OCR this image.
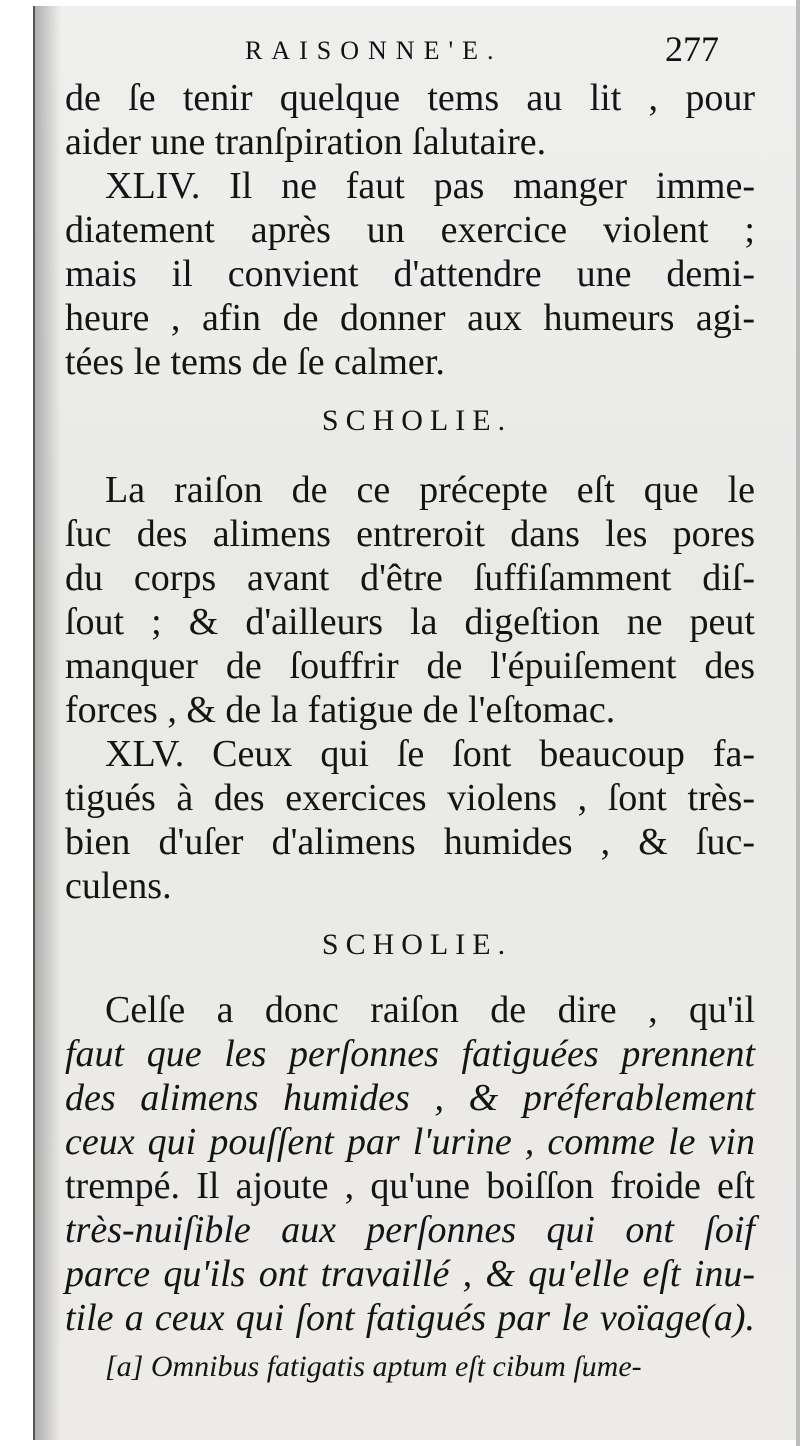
RAISONNE'E.	277
de ſe tenir quelque tems au lit , pour
aider une tranſpiration ſalutaire.
XLIV. Il ne faut pas manger imme-
diatement après un exercice violent ;
mais il convient d'attendre une demi-
heure , afin de donner aux humeurs agi-
tées le tems de ſe calmer.
SCHOLIE.
La raiſon de ce précepte eſt que le
ſuc des alimens entreroit dans les pores
du corps avant d'être ſuffiſamment diſ-
ſout ; & d'ailleurs la digeſtion ne peut
manquer de ſouffrir de l'épuiſement des
forces , & de la fatigue de l'eſtomac.
XLV. Ceux qui ſe ſont beaucoup fa-
tigués à des exercices violens , ſont très-
bien d'uſer d'alimens humides , & ſuc-
culens.
SCHOLIE.
Celſe a donc raiſon de dire , qu'il
faut que les perſonnes fatiguées prennent
des alimens humides , & préferablement
ceux qui pouſſent par l'urine , comme le vin
trempé. Il ajoute , qu'une boiſſon froide eſt
très-nuiſible aux perſonnes qui ont ſoif
parce qu'ils ont travaillé , & qu'elle eſt inu-
tile a ceux qui ſont fatigués par le voïage(a).
[a] Omnibus fatigatis aptum eſt cibum ſume-
